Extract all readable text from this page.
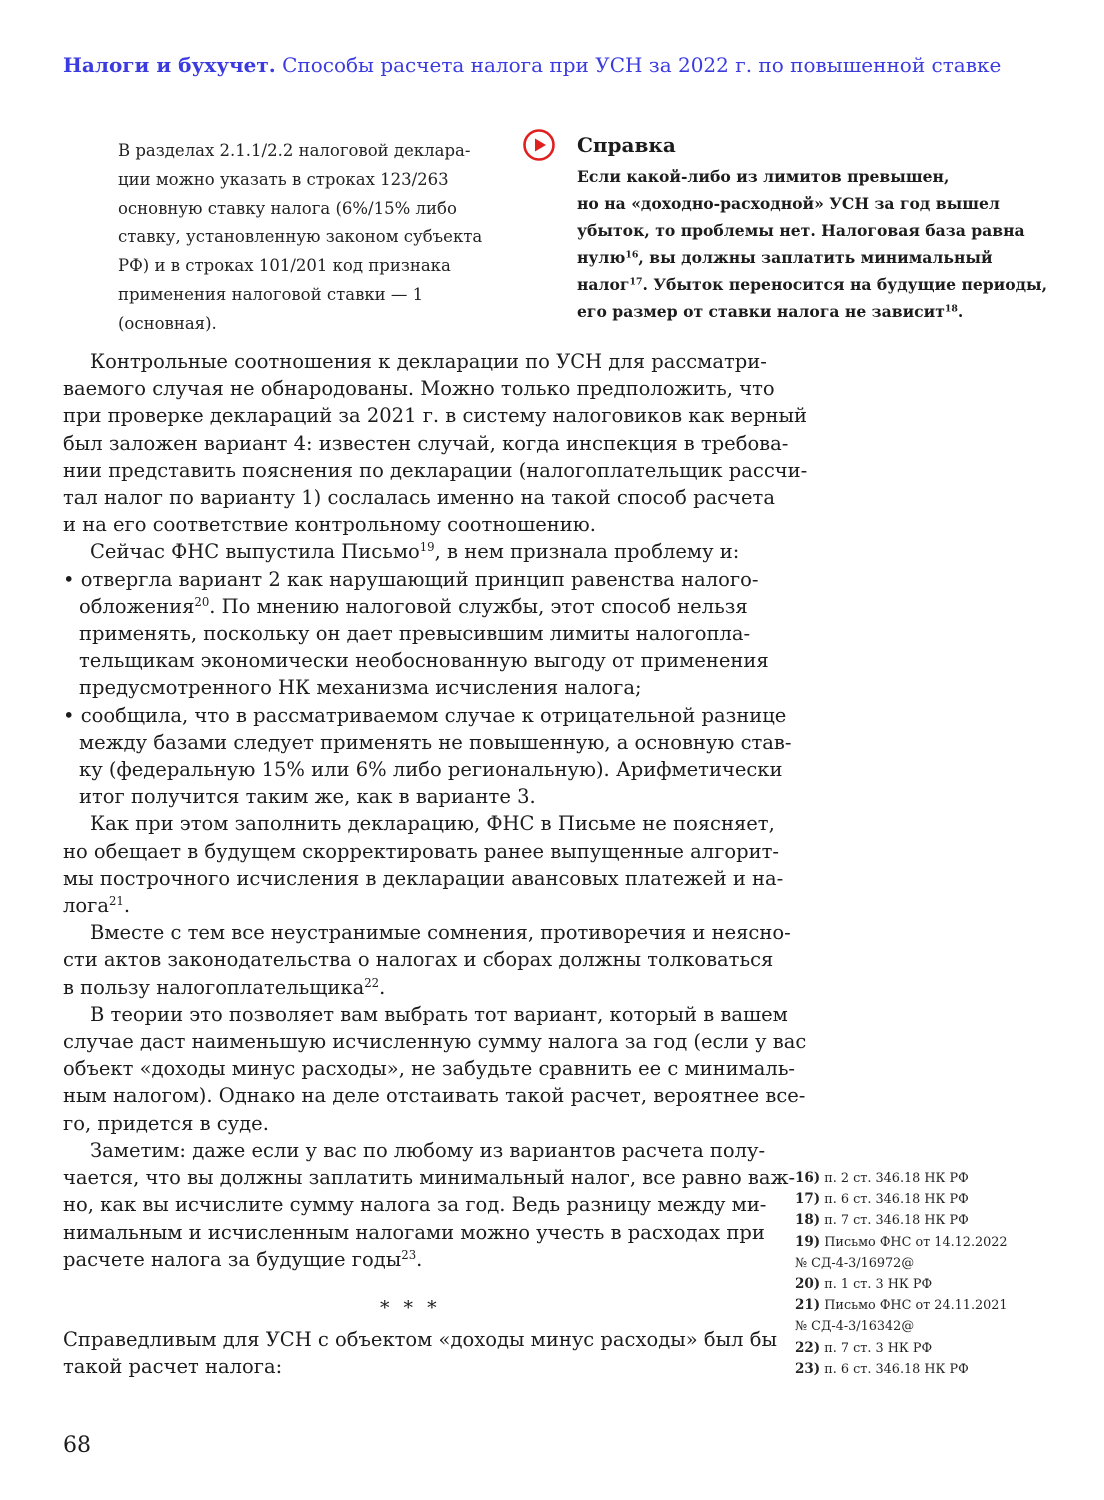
Налоги и бухучет. Способы расчета налога при УСН за 2022 г. по повышенной ставке
В разделах 2.1.1/2.2 налоговой деклара-
ции можно указать в строках 123/263
основную ставку налога (6%/15% либо
ставку, установленную законом субъекта
РФ) и в строках 101/201 код признака
применения налоговой ставки — 1
(основная).
Справка
Если какой-либо из лимитов превышен,
но на «доходно-расходной» УСН за год вышел
убыток, то проблемы нет. Налоговая база равна
нулю$^{16}$, вы должны заплатить минимальный
налог$^{17}$. Убыток переносится на будущие периоды,
его размер от ставки налога не зависит$^{18}$.
Контрольные соотношения к декларации по УСН для рассматри-
ваемого случая не обнародованы. Можно только предположить, что
при проверке деклараций за 2021 г. в систему налоговиков как верный
был заложен вариант 4: известен случай, когда инспекция в требова-
нии представить пояснения по декларации (налогоплательщик рассчи-
тал налог по варианту 1) сослалась именно на такой способ расчета
и на его соответствие контрольному соотношению.
Сейчас ФНС выпустила Письмо$^{19}$, в нем признала проблему и:
• отвергла вариант 2 как нарушающий принцип равенства налого-
обложения$^{20}$. По мнению налоговой службы, этот способ нельзя
применять, поскольку он дает превысившим лимиты налогопла-
тельщикам экономически необоснованную выгоду от применения
предусмотренного НК механизма исчисления налога;
• сообщила, что в рассматриваемом случае к отрицательной разнице
между базами следует применять не повышенную, а основную став-
ку (федеральную 15% или 6% либо региональную). Арифметически
итог получится таким же, как в варианте 3.
Как при этом заполнить декларацию, ФНС в Письме не поясняет,
но обещает в будущем скорректировать ранее выпущенные алгорит-
мы построчного исчисления в декларации авансовых платежей и на-
лога$^{21}$.
Вместе с тем все неустранимые сомнения, противоречия и неясно-
сти актов законодательства о налогах и сборах должны толковаться
в пользу налогоплательщика$^{22}$.
В теории это позволяет вам выбрать тот вариант, который в вашем
случае даст наименьшую исчисленную сумму налога за год (если у вас
объект «доходы минус расходы», не забудьте сравнить ее с минималь-
ным налогом). Однако на деле отстаивать такой расчет, вероятнее все-
го, придется в суде.
Заметим: даже если у вас по любому из вариантов расчета полу-
чается, что вы должны заплатить минимальный налог, все равно важ-
но, как вы исчислите сумму налога за год. Ведь разницу между ми-
нимальным и исчисленным налогами можно учесть в расходах при
расчете налога за будущие годы$^{23}$.
* * *
Справедливым для УСН с объектом «доходы минус расходы» был бы
такой расчет налога:
16) п. 2 ст. 346.18 НК РФ
17) п. 6 ст. 346.18 НК РФ
18) п. 7 ст. 346.18 НК РФ
19) Письмо ФНС от 14.12.2022
№ СД-4-3/16972@
20) п. 1 ст. 3 НК РФ
21) Письмо ФНС от 24.11.2021
№ СД-4-3/16342@
22) п. 7 ст. 3 НК РФ
23) п. 6 ст. 346.18 НК РФ
68
